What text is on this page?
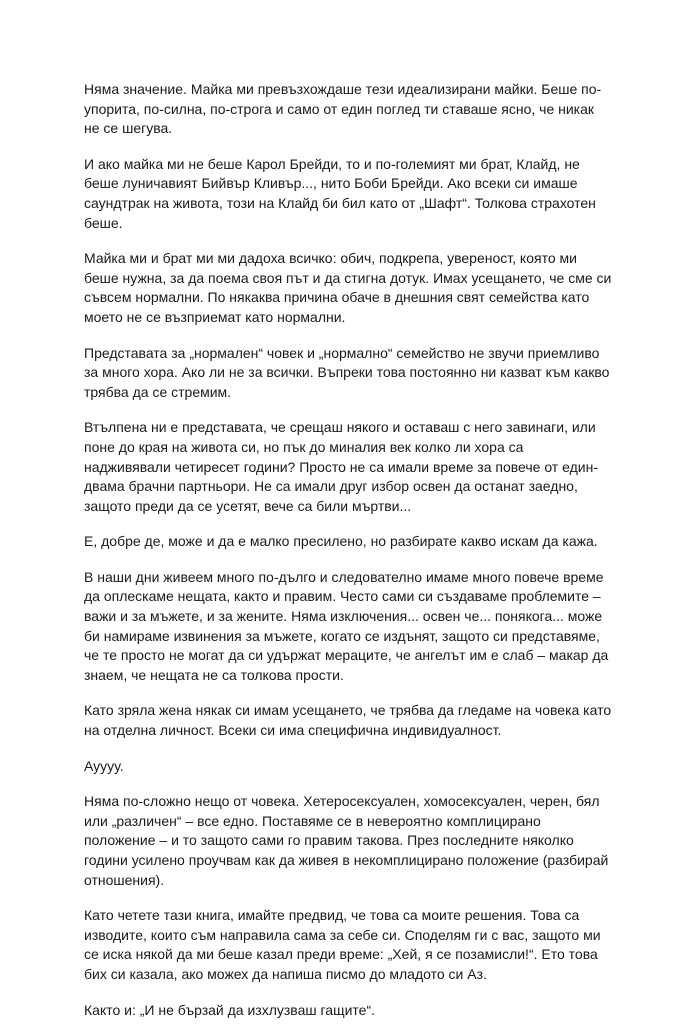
Няма значение. Майка ми превъзхождаше тези идеализирани майки. Беше по-
упорита, по-силна, по-строга и само от един поглед ти ставаше ясно, че никак
не се шегува.

И ако майка ми не беше Карол Брейди, то и по-големият ми брат, Клайд, не
беше луничавият Бийвър Кливър..., нито Боби Брейди. Ако всеки си имаше
саундтрак на живота, този на Клайд би бил като от „Шафт“. Толкова страхотен
беше.

Майка ми и брат ми ми дадоха всичко: обич, подкрепа, увереност, която ми
беше нужна, за да поема своя път и да стигна дотук. Имах усещането, че сме си
съвсем нормални. По някаква причина обаче в днешния свят семейства като
моето не се възприемат като нормални.

Представата за „нормален“ човек и „нормално“ семейство не звучи приемливо
за много хора. Ако ли не за всички. Въпреки това постоянно ни казват към какво
трябва да се стремим.

Втълпена ни е представата, че срещаш някого и оставаш с него завинаги, или
поне до края на живота си, но пък до миналия век колко ли хора са
надживявали четиресет години? Просто не са имали време за повече от един-
двама брачни партньори. Не са имали друг избор освен да останат заедно,
защото преди да се усетят, вече са били мъртви...

Е, добре де, може и да е малко пресилено, но разбирате какво искам да кажа.

В наши дни живеем много по-дълго и следователно имаме много повече време
да оплескаме нещата, както и правим. Често сами си създаваме проблемите –
важи и за мъжете, и за жените. Няма изключения... освен че... понякога... може
би намираме извинения за мъжете, когато се издънят, защото си представяме,
че те просто не могат да си удържат мераците, че ангелът им е слаб – макар да
знаем, че нещата не са толкова прости.

Като зряла жена някак си имам усещането, че трябва да гледаме на човека като
на отделна личност. Всеки си има специфична индивидуалност.

Ауууу.

Няма по-сложно нещо от човека. Хетеросексуален, хомосексуален, черен, бял
или „различен“ – все едно. Поставяме се в невероятно комплицирано
положение – и то защото сами го правим такова. През последните няколко
години усилено проучвам как да живея в некомплицирано положение (разбирай
отношения).

Като четете тази книга, имайте предвид, че това са моите решения. Това са
изводите, които съм направила сама за себе си. Споделям ги с вас, защото ми
се иска някой да ми беше казал преди време: „Хей, я се позамисли!“. Ето това
бих си казала, ако можех да напиша писмо до младото си Аз.

Както и: „И не бързай да изхлузваш гащите“.
